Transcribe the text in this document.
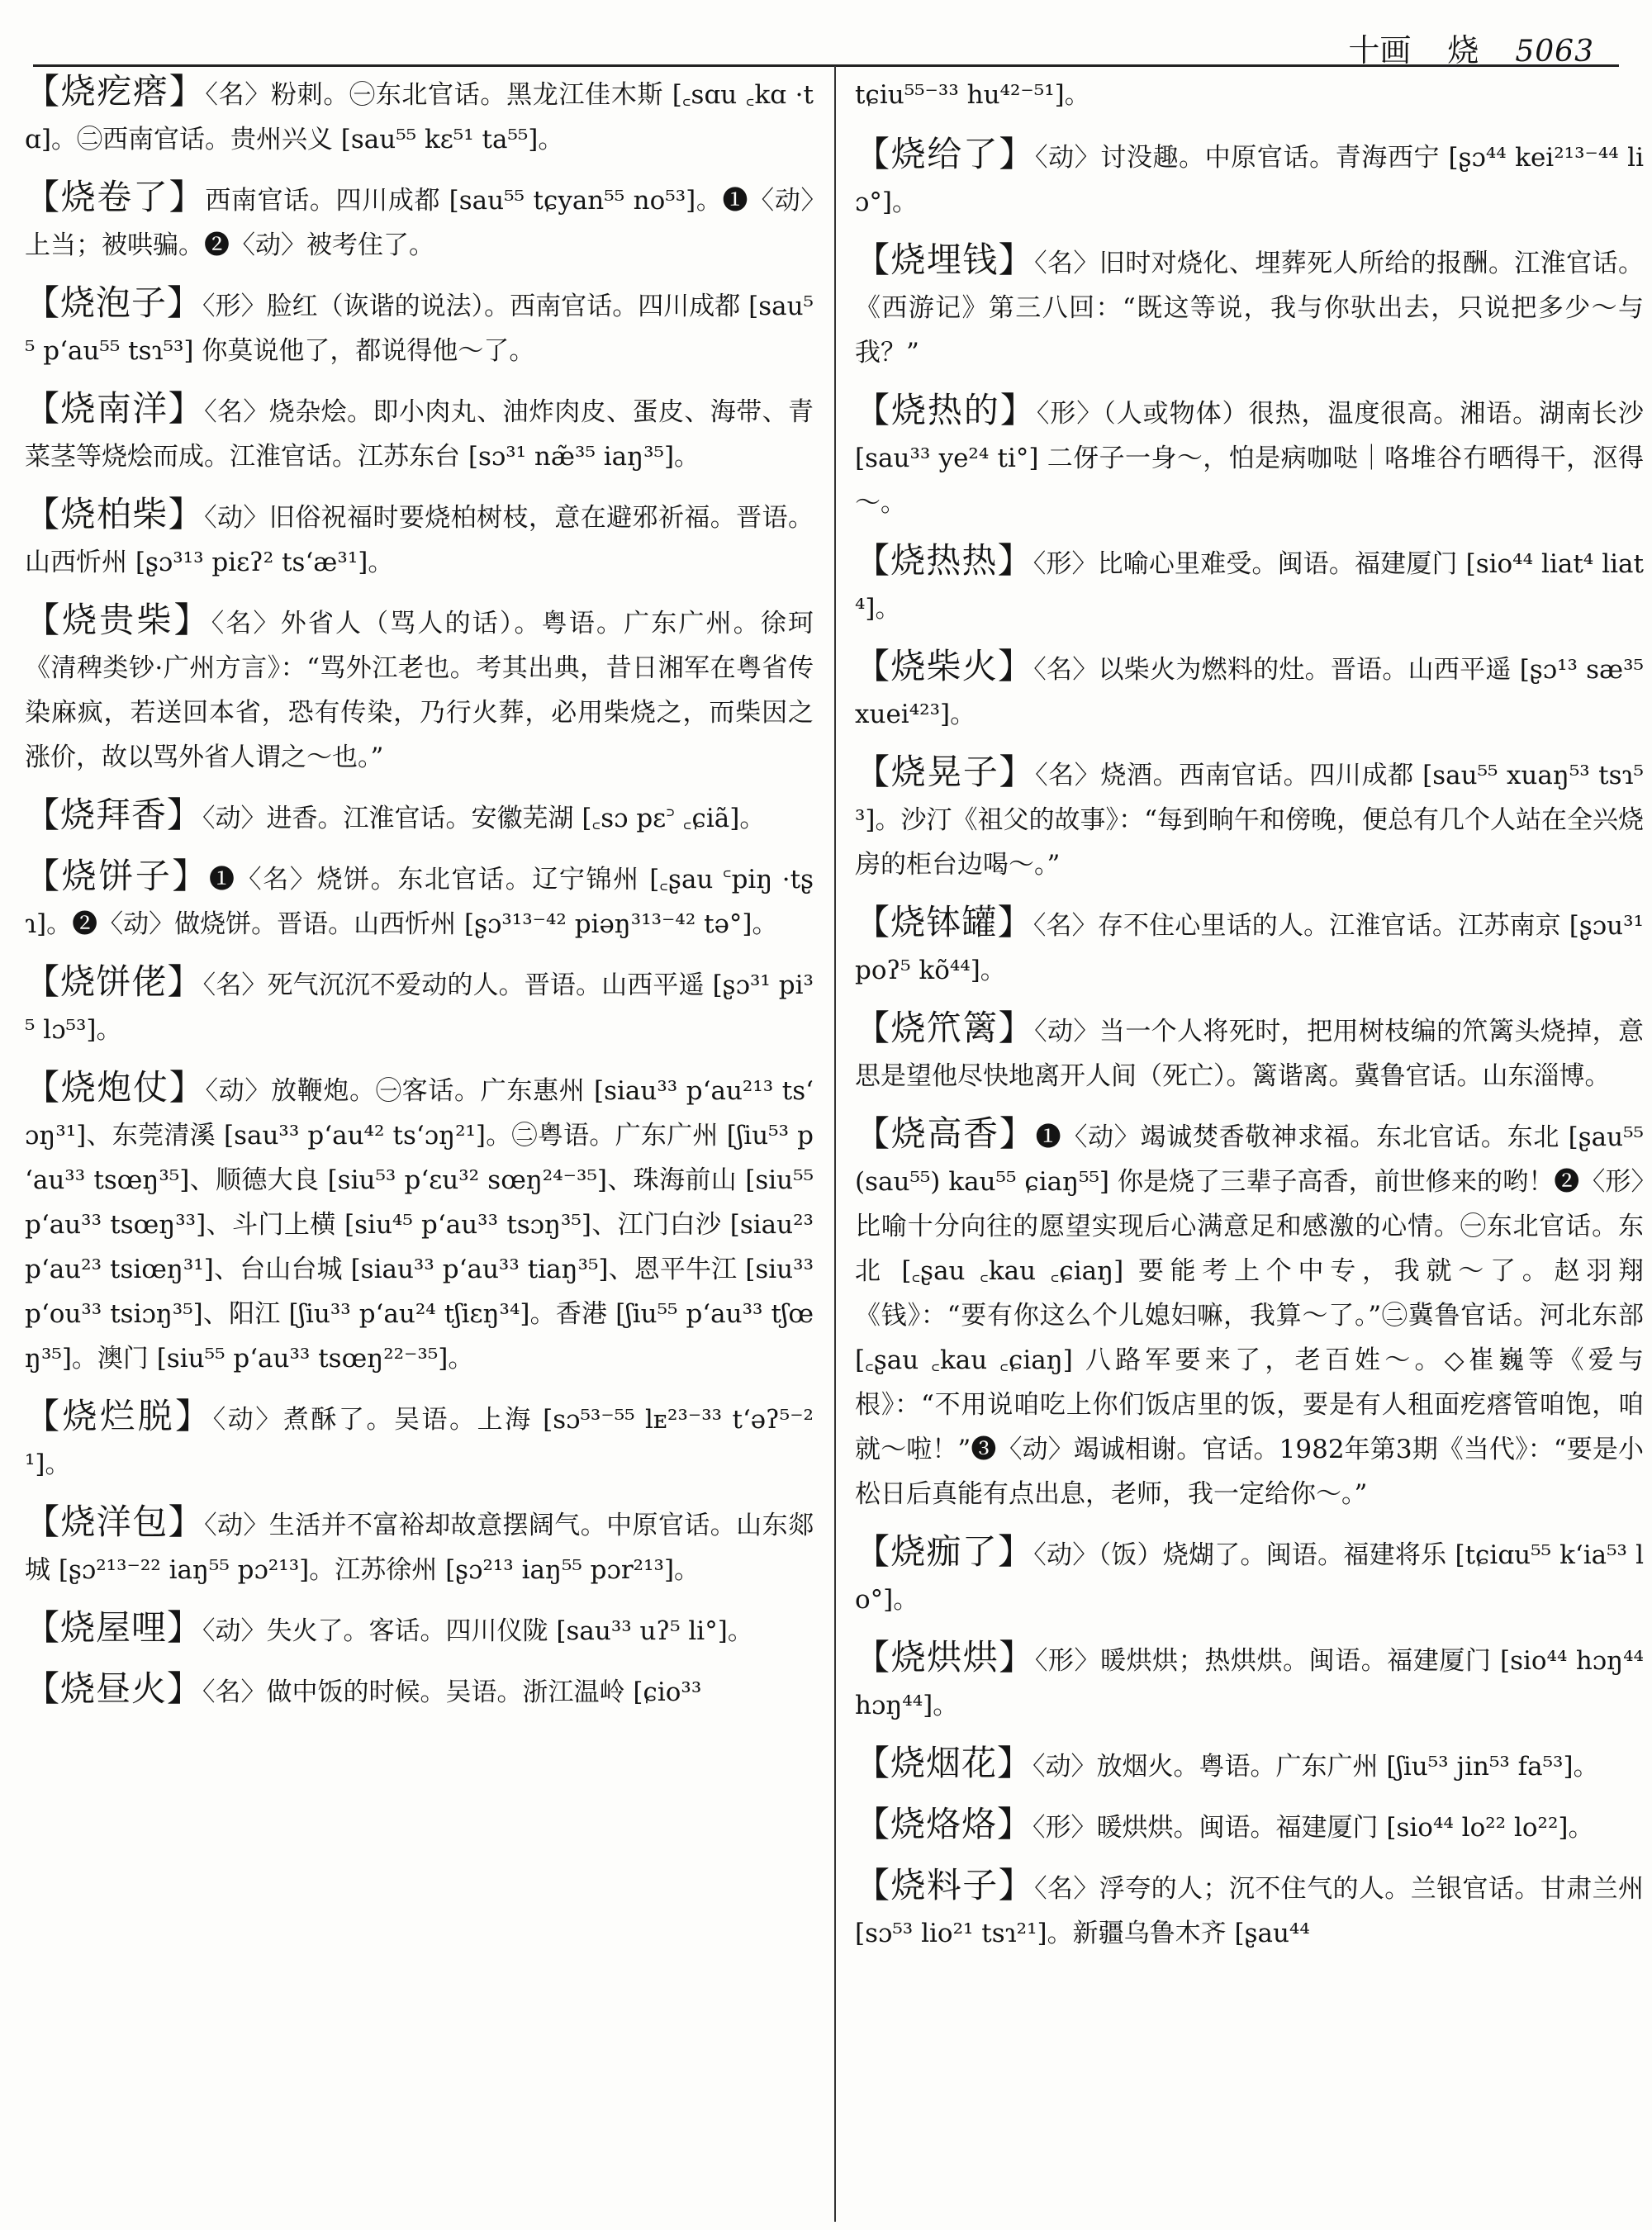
十画 烧 5063

【烧疙瘩】〈名〉粉刺。㊀东北官话。黑龙江佳木斯 [꜀sɑu ꜀kɑ ·tɑ]。㊁西南官话。贵州兴义 [sau⁵⁵ kɛ⁵¹ ta⁵⁵]。

【烧卷了】西南官话。四川成都 [sau⁵⁵ tɕyan⁵⁵ no⁵³]。❶〈动〉上当；被哄骗。❷〈动〉被考住了。

【烧泡子】〈形〉脸红（诙谐的说法）。西南官话。四川成都 [sau⁵⁵ pʻau⁵⁵ tsɿ⁵³] 你莫说他了，都说得他～了。

【烧南洋】〈名〉烧杂烩。即小肉丸、油炸肉皮、蛋皮、海带、青菜茎等烧烩而成。江淮官话。江苏东台 [sɔ³¹ næ̃³⁵ iaŋ³⁵]。

【烧柏柴】〈动〉旧俗祝福时要烧柏树枝，意在避邪祈福。晋语。山西忻州 [ʂɔ³¹³ piɛʔ² tsʻæ³¹]。

【烧贵柴】〈名〉外省人（骂人的话）。粤语。广东广州。徐珂《清稗类钞·广州方言》：“骂外江老也。考其出典，昔日湘军在粤省传染麻疯，若送回本省，恐有传染，乃行火葬，必用柴烧之，而柴因之涨价，故以骂外省人谓之～也。”

【烧拜香】〈动〉进香。江淮官话。安徽芜湖 [꜀sɔ pɛ꜄ ꜀ɕiã]。

【烧饼子】❶〈名〉烧饼。东北官话。辽宁锦州 [꜀ʂau ꜂piŋ ·tʂɿ]。❷〈动〉做烧饼。晋语。山西忻州 [ʂɔ³¹³⁻⁴² piəŋ³¹³⁻⁴² tə°]。

【烧饼佬】〈名〉死气沉沉不爱动的人。晋语。山西平遥 [ʂɔ³¹ pi³⁵ lɔ⁵³]。

【烧炮仗】〈动〉放鞭炮。㊀客话。广东惠州 [siau³³ pʻau²¹³ tsʻɔŋ³¹]、东莞清溪 [sau³³ pʻau⁴² tsʻɔŋ²¹]。㊁粤语。广东广州 [ʃiu⁵³ pʻau³³ tsœŋ³⁵]、顺德大良 [siu⁵³ pʻɛu³² sœŋ²⁴⁻³⁵]、珠海前山 [siu⁵⁵ pʻau³³ tsœŋ³³]、斗门上横 [siu⁴⁵ pʻau³³ tsɔŋ³⁵]、江门白沙 [siau²³ pʻau²³ tsiœŋ³¹]、台山台城 [siau³³ pʻau³³ tiaŋ³⁵]、恩平牛江 [siu³³ pʻou³³ tsiɔŋ³⁵]、阳江 [ʃiu³³ pʻau²⁴ tʃiɛŋ³⁴]。香港 [ʃiu⁵⁵ pʻau³³ tʃœŋ³⁵]。澳门 [siu⁵⁵ pʻau³³ tsœŋ²²⁻³⁵]。

【烧烂脱】〈动〉煮酥了。吴语。上海 [sɔ⁵³⁻⁵⁵ lᴇ²³⁻³³ tʻəʔ⁵⁻²¹]。

【烧洋包】〈动〉生活并不富裕却故意摆阔气。中原官话。山东郯城 [ʂɔ²¹³⁻²² iaŋ⁵⁵ pɔ²¹³]。江苏徐州 [ʂɔ²¹³ iaŋ⁵⁵ pɔr²¹³]。

【烧屋哩】〈动〉失火了。客话。四川仪陇 [sau³³ uʔ⁵ li°]。

【烧昼火】〈名〉做中饭的时候。吴语。浙江温岭 [ɕio³³

tɕiu⁵⁵⁻³³ hu⁴²⁻⁵¹]。

【烧给了】〈动〉讨没趣。中原官话。青海西宁 [ʂɔ⁴⁴ kei²¹³⁻⁴⁴ liɔ°]。

【烧埋钱】〈名〉旧时对烧化、埋葬死人所给的报酬。江淮官话。《西游记》第三八回：“既这等说，我与你驮出去，只说把多少～与我？”

【烧热的】〈形〉（人或物体）很热，温度很高。湘语。湖南长沙 [sau³³ ye²⁴ ti°] 二伢子一身～，怕是病咖哒｜咯堆谷冇晒得干，沤得～。

【烧热热】〈形〉比喻心里难受。闽语。福建厦门 [sio⁴⁴ liat⁴ liat⁴]。

【烧柴火】〈名〉以柴火为燃料的灶。晋语。山西平遥 [ʂɔ¹³ sæ³⁵ xuei⁴²³]。

【烧晃子】〈名〉烧酒。西南官话。四川成都 [sau⁵⁵ xuaŋ⁵³ tsɿ⁵³]。沙汀《祖父的故事》：“每到晌午和傍晚，便总有几个人站在全兴烧房的柜台边喝～。”

【烧钵罐】〈名〉存不住心里话的人。江淮官话。江苏南京 [ʂɔu³¹ poʔ⁵ kõ⁴⁴]。

【烧笊篱】〈动〉当一个人将死时，把用树枝编的笊篱头烧掉，意思是望他尽快地离开人间（死亡）。篱谐离。冀鲁官话。山东淄博。

【烧高香】❶〈动〉竭诚焚香敬神求福。东北官话。东北 [ʂau⁵⁵(sau⁵⁵) kau⁵⁵ ɕiaŋ⁵⁵] 你是烧了三辈子高香，前世修来的哟！❷〈形〉比喻十分向往的愿望实现后心满意足和感激的心情。㊀东北官话。东北 [꜀ʂau ꜀kau ꜀ɕiaŋ] 要能考上个中专，我就～了。赵羽翔《钱》：“要有你这么个儿媳妇嘛，我算～了。”㊁冀鲁官话。河北东部 [꜀ʂau ꜀kau ꜀ɕiaŋ] 八路军要来了，老百姓～。◇崔巍等《爱与根》：“不用说咱吃上你们饭店里的饭，要是有人租面疙瘩管咱饱，咱就～啦！”❸〈动〉竭诚相谢。官话。1982年第3期《当代》：“要是小松日后真能有点出息，老师，我一定给你～。”

【烧痂了】〈动〉（饭）烧煳了。闽语。福建将乐 [tɕiɑu⁵⁵ kʻia⁵³ lo°]。

【烧烘烘】〈形〉暖烘烘；热烘烘。闽语。福建厦门 [sio⁴⁴ hɔŋ⁴⁴ hɔŋ⁴⁴]。

【烧烟花】〈动〉放烟火。粤语。广东广州 [ʃiu⁵³ jin⁵³ fa⁵³]。

【烧烙烙】〈形〉暖烘烘。闽语。福建厦门 [sio⁴⁴ lo²² lo²²]。

【烧料子】〈名〉浮夸的人；沉不住气的人。兰银官话。甘肃兰州 [sɔ⁵³ lio²¹ tsɿ²¹]。新疆乌鲁木齐 [ʂau⁴⁴
